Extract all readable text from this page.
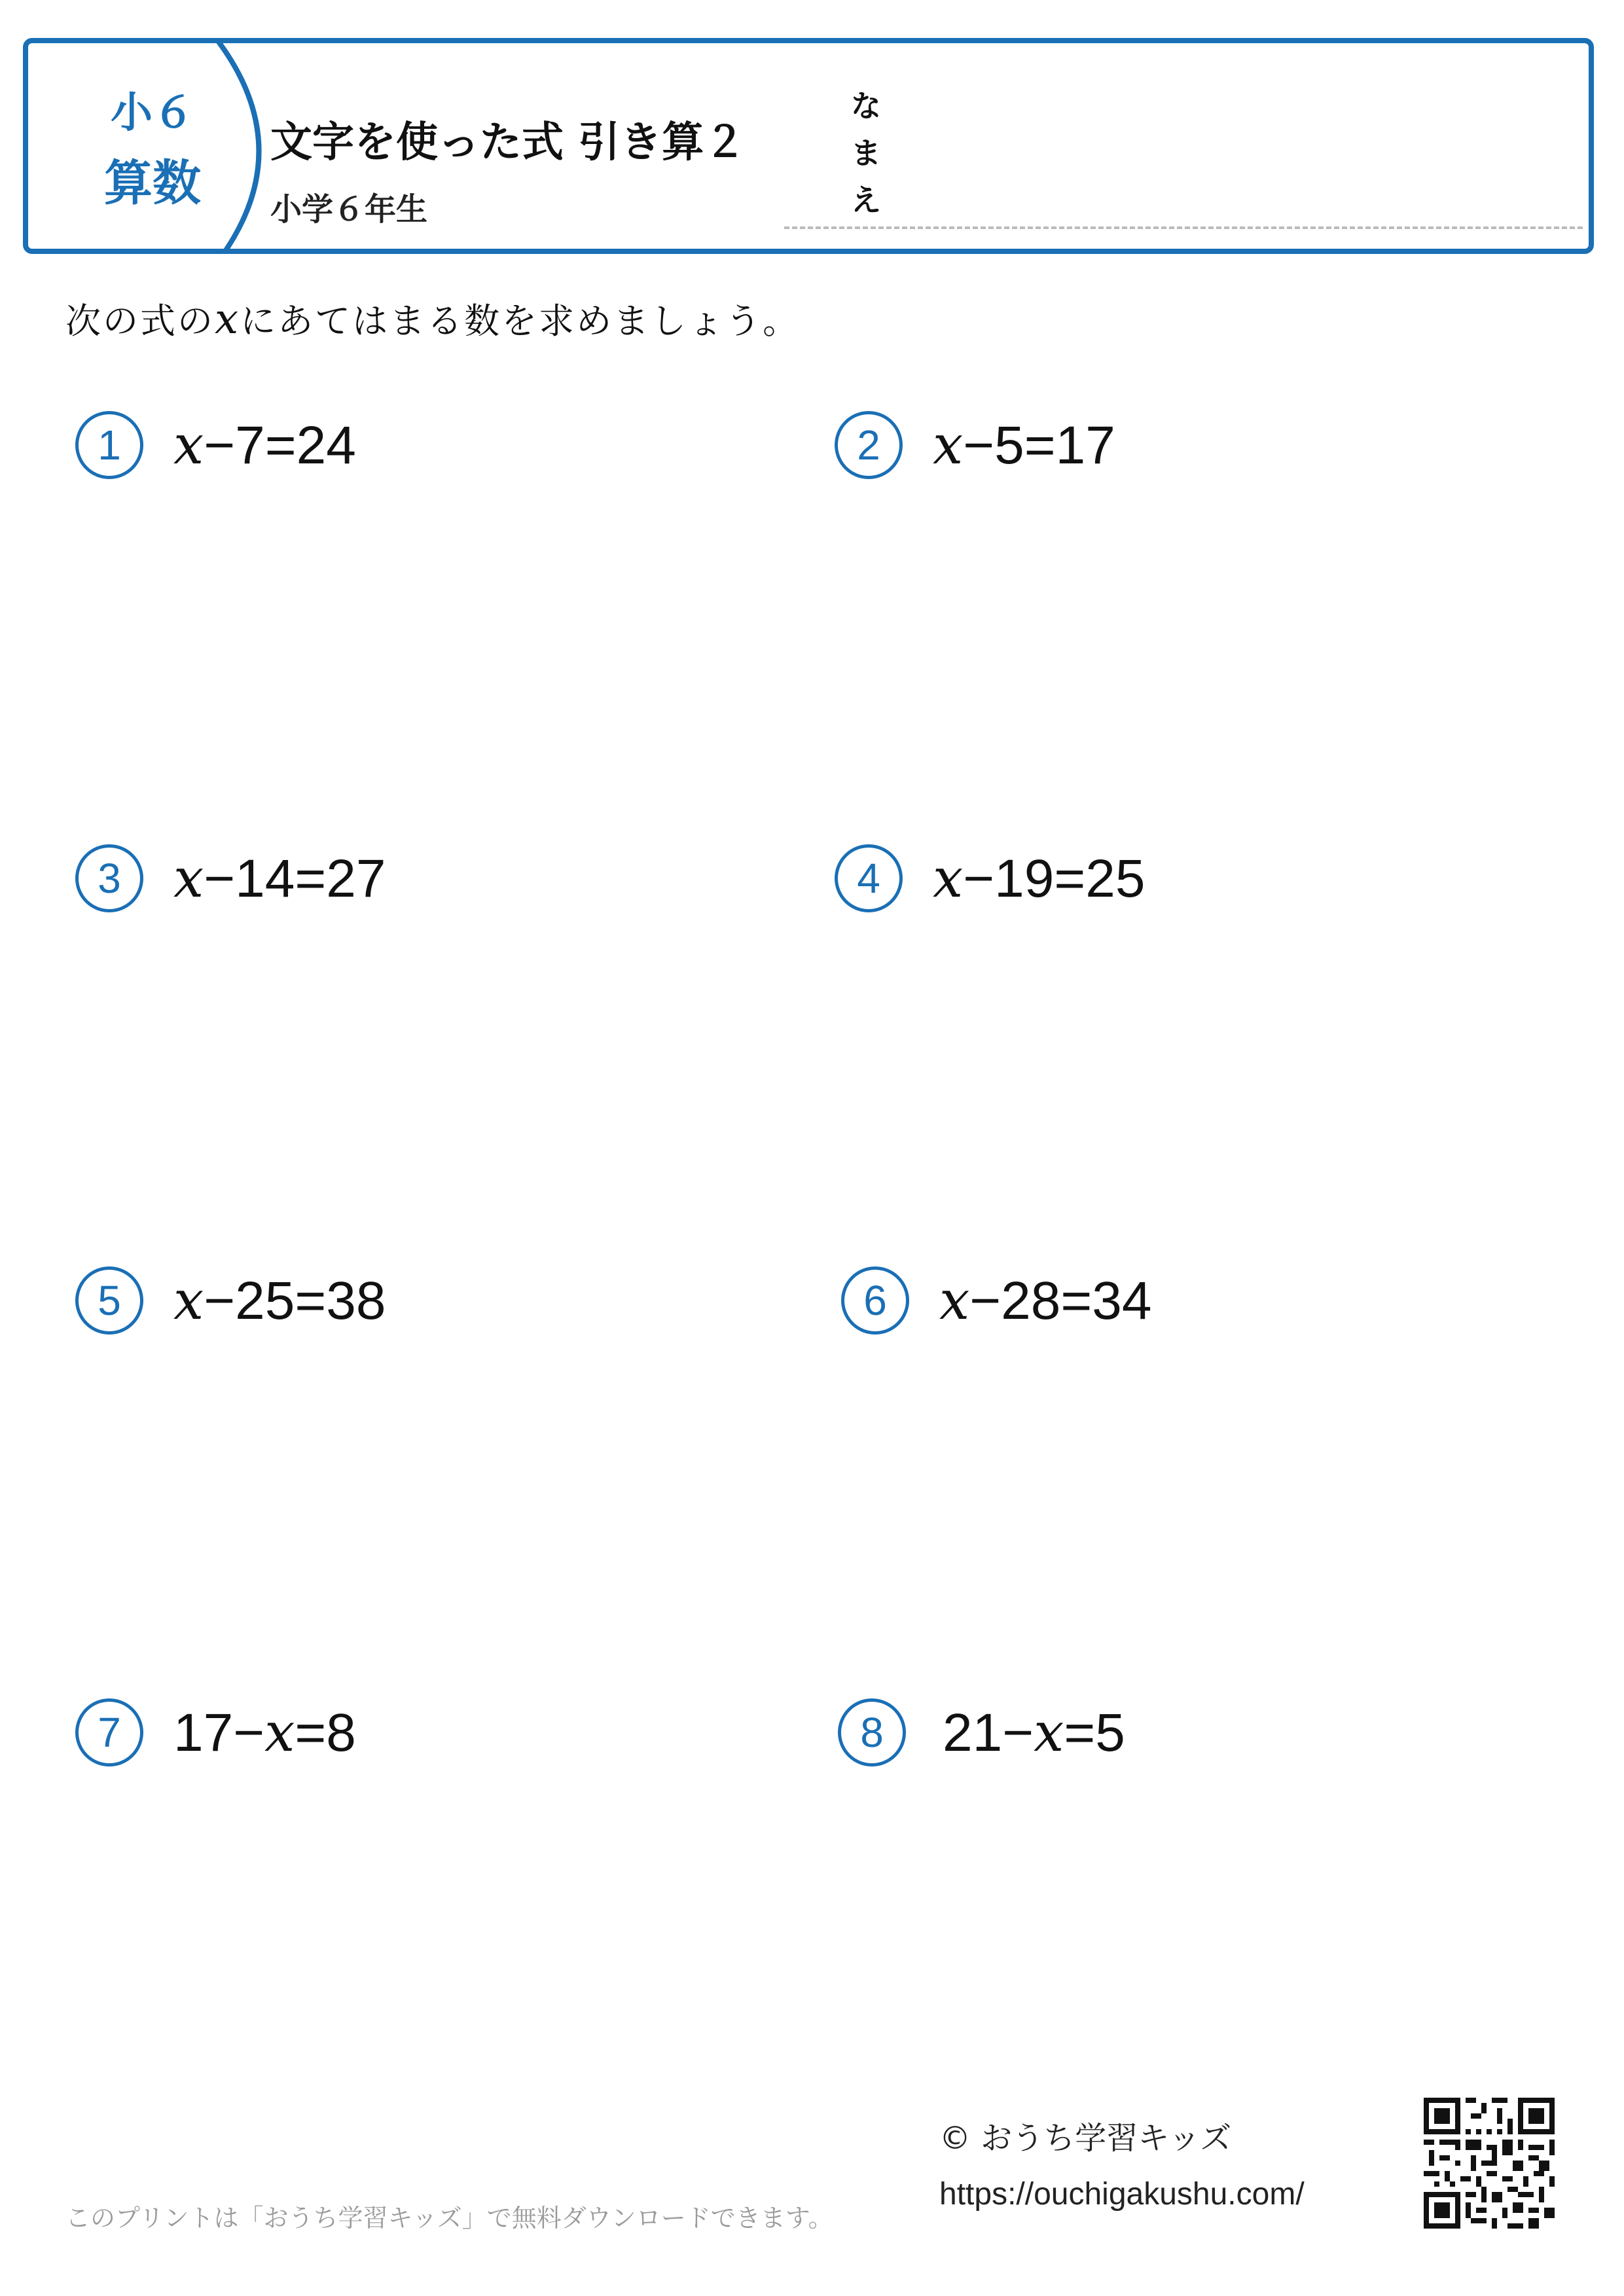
小６
算数
文字を使った式 引き算２
小学６年生
な
ま
え
次の式のxにあてはまる数を求めましょう。
1 x−7=24	2 x−5=17
3 x−14=27	4 x−19=25
5 x−25=38	6 x−28=34
7 17−x=8	8	21−x=5
このプリントは「おうち学習キッズ」で無料ダウンロードできます。
© おうち学習キッズ
https://ouchigakushu.com/
